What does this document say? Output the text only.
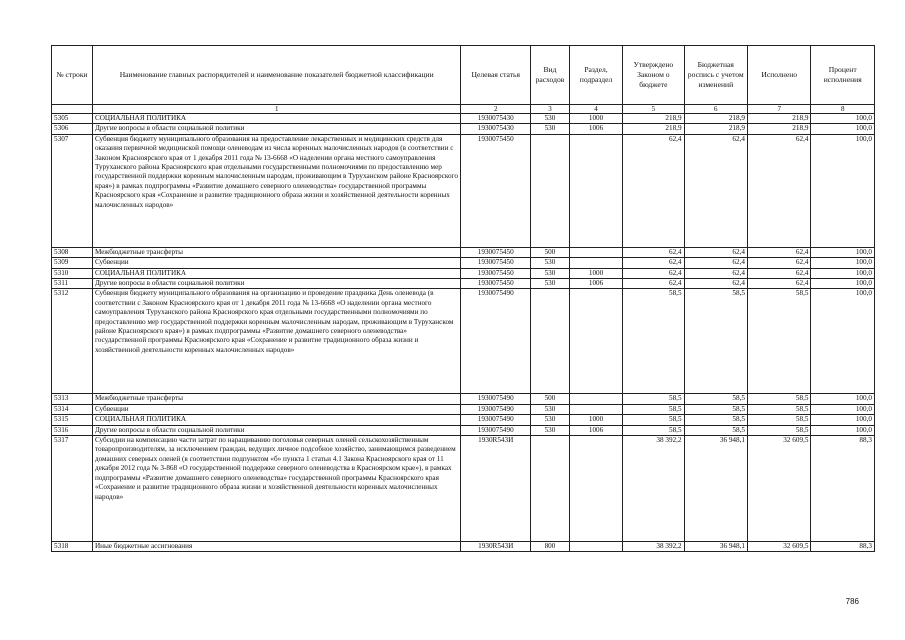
№ строки	Наименование главных распорядителей и наименование показателей бюджетной классификации	Целевая статья	Вид расходов	Раздел, подраздел	Утверждено Законом о бюджете	Бюджетная роспись с учетом изменений	Исполнено	Процент исполнения
	1	2	3	4	5	6	7	8
5305	СОЦИАЛЬНАЯ ПОЛИТИКА	1930075430	530	1000	218,9	218,9	218,9	100,0
5306	Другие вопросы в области социальной политики	1930075430	530	1006	218,9	218,9	218,9	100,0
5307	Субвенция бюджету муниципального образования на предоставление лекарственных и медицинских средств для оказания первичной медицинской помощи оленеводам из числа коренных малочисленных народов (в соответствии с Законом Красноярского края от 1 декабря 2011 года № 13-6668 «О наделении органа местного самоуправления Туруханского района Красноярского края отдельными государственными полномочиями по предоставлению мер государственной поддержки коренным малочисленным народам, проживающим в Туруханском районе Красноярского края») в рамках подпрограммы «Развитие домашнего северного оленеводства» государственной программы Красноярского края «Сохранение и развитие традиционного образа жизни и хозяйственной деятельности коренных малочисленных народов»	1930075450			62,4	62,4	62,4	100,0
5308	Межбюджетные трансферты	1930075450	500		62,4	62,4	62,4	100,0
5309	Субвенции	1930075450	530		62,4	62,4	62,4	100,0
5310	СОЦИАЛЬНАЯ ПОЛИТИКА	1930075450	530	1000	62,4	62,4	62,4	100,0
5311	Другие вопросы в области социальной политики	1930075450	530	1006	62,4	62,4	62,4	100,0
5312	Субвенция бюджету муниципального образования на организацию и проведение праздника День оленевода (в соответствии с Законом Красноярского края от 1 декабря 2011 года № 13-6668 «О наделении органа местного самоуправления Туруханского района Красноярского края отдельными государственными полномочиями по предоставлению мер государственной поддержки коренным малочисленным народам, проживающим в Туруханском районе Красноярского края») в рамках подпрограммы «Развитие домашнего северного оленеводства» государственной программы Красноярского края «Сохранение и развитие традиционного образа жизни и хозяйственной деятельности коренных малочисленных народов»	1930075490			58,5	58,5	58,5	100,0
5313	Межбюджетные трансферты	1930075490	500		58,5	58,5	58,5	100,0
5314	Субвенции	1930075490	530		58,5	58,5	58,5	100,0
5315	СОЦИАЛЬНАЯ ПОЛИТИКА	1930075490	530	1000	58,5	58,5	58,5	100,0
5316	Другие вопросы в области социальной политики	1930075490	530	1006	58,5	58,5	58,5	100,0
5317	Субсидии на компенсацию части затрат по наращиванию поголовья северных оленей сельскохозяйственным товаропроизводителям, за исключением граждан, ведущих личное подсобное хозяйство, занимающимся разведением домашних северных оленей (в соответствии подпунктом «б» пункта 1 статьи 4.1 Закона Красноярского края от 11 декабря 2012 года № 3-868 «О государственной поддержке северного оленеводства в Красноярском крае»), в рамках подпрограммы «Развитие домашнего северного оленеводства» государственной программы Красноярского края «Сохранение и развитие традиционного образа жизни и хозяйственной деятельности коренных малочисленных народов»	1930R543И			38 392,2	36 948,1	32 609,5	88,3
5318	Иные бюджетные ассигнования	1930R543И	800		38 392,2	36 948,1	32 609,5	88,3
786
